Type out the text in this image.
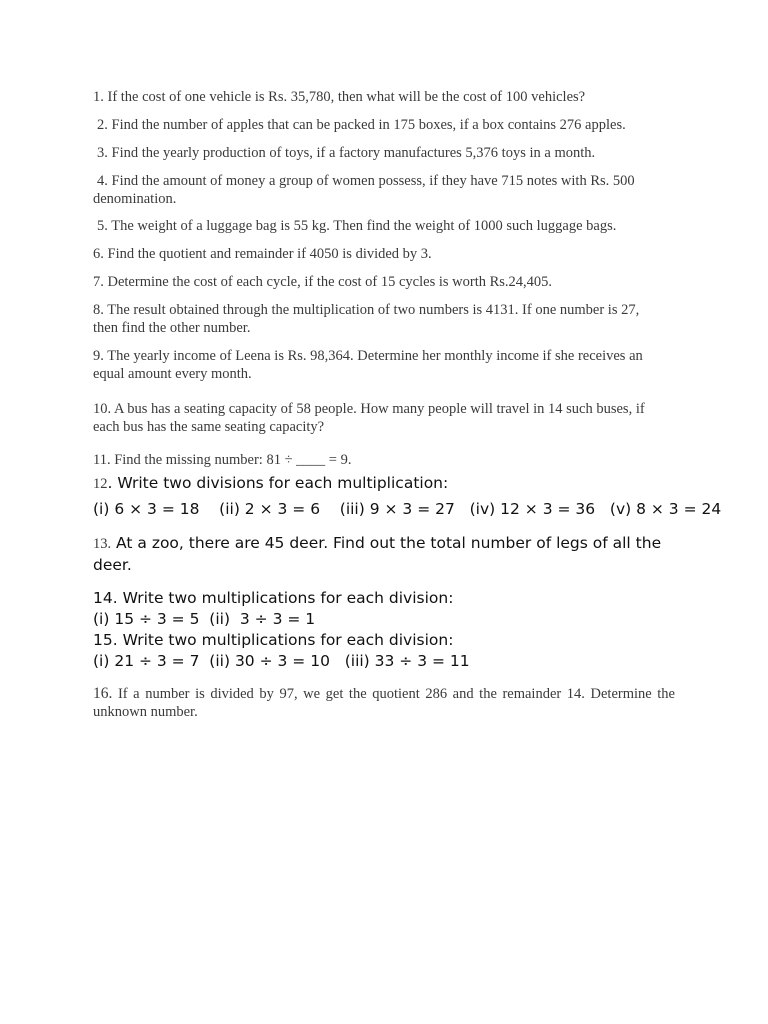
1. If the cost of one vehicle is Rs. 35,780, then what will be the cost of 100 vehicles?
2. Find the number of apples that can be packed in 175 boxes, if a box contains 276 apples.
3. Find the yearly production of toys, if a factory manufactures 5,376 toys in a month.
4. Find the amount of money a group of women possess, if they have 715 notes with Rs. 500 denomination.
5. The weight of a luggage bag is 55 kg. Then find the weight of 1000 such luggage bags.
6. Find the quotient and remainder if 4050 is divided by 3.
7. Determine the cost of each cycle, if the cost of 15 cycles is worth Rs.24,405.
8. The result obtained through the multiplication of two numbers is 4131. If one number is 27, then find the other number.
9. The yearly income of Leena is Rs. 98,364. Determine her monthly income if she receives an equal amount every month.
10. A bus has a seating capacity of 58 people. How many people will travel in 14 such buses, if each bus has the same seating capacity?
11. Find the missing number: 81 ÷ ____ = 9.
12. Write two divisions for each multiplication:
(i) 6 × 3 = 18    (ii) 2 × 3 = 6    (iii) 9 × 3 = 27   (iv) 12 × 3 = 36   (v) 8 × 3 = 24
13. At a zoo, there are 45 deer. Find out the total number of legs of all the deer.
14. Write two multiplications for each division:
(i) 15 ÷ 3 = 5  (ii)  3 ÷ 3 = 1
15. Write two multiplications for each division:
(i) 21 ÷ 3 = 7  (ii) 30 ÷ 3 = 10   (iii) 33 ÷ 3 = 11
16. If a number is divided by 97, we get the quotient 286 and the remainder 14. Determine the unknown number.
